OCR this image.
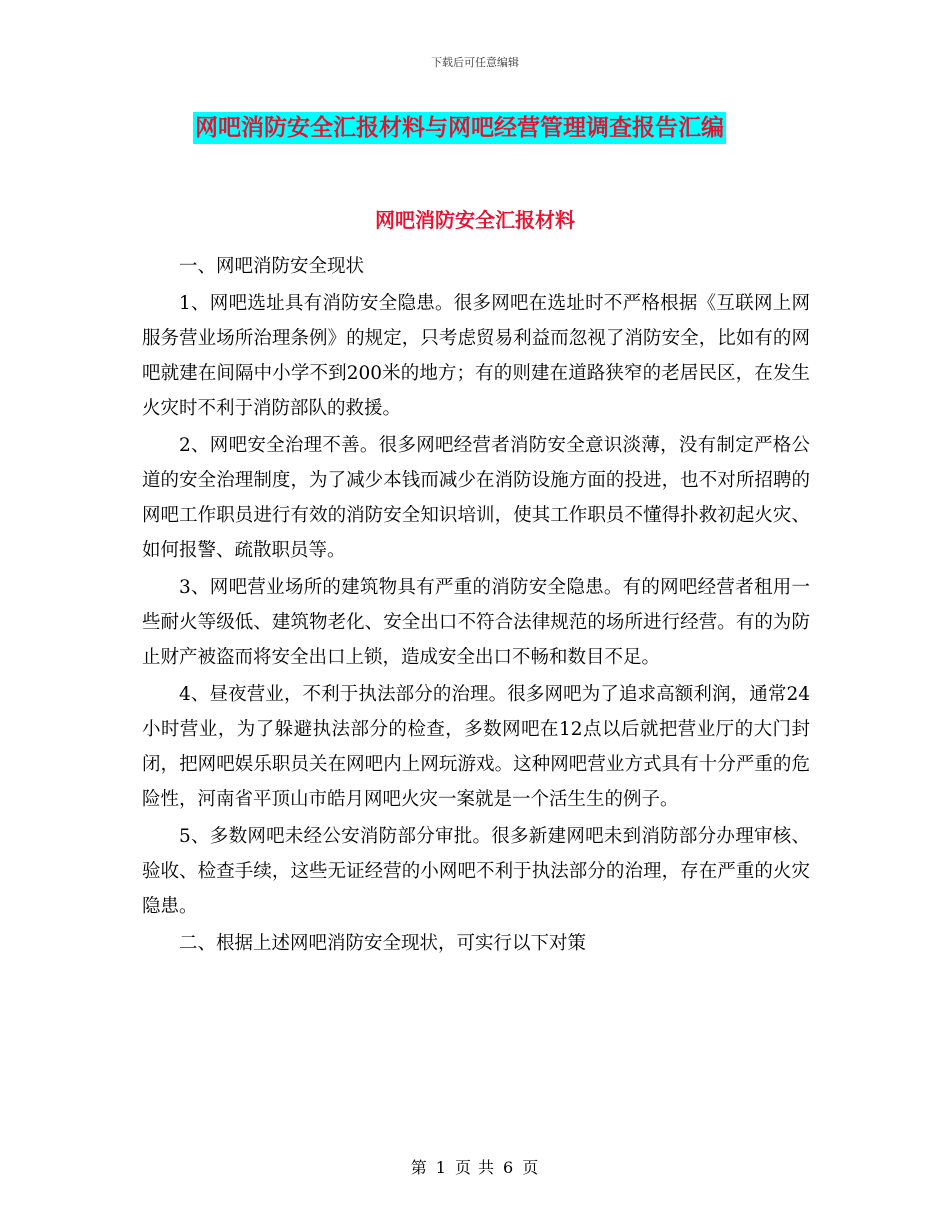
下载后可任意编辑
网吧消防安全汇报材料与网吧经营管理调查报告汇编
网吧消防安全汇报材料

一、网吧消防安全现状

1、网吧选址具有消防安全隐患。很多网吧在选址时不严格根据《互联网上网服务营业场所治理条例》的规定，只考虑贸易利益而忽视了消防安全，比如有的网吧就建在间隔中小学不到200米的地方；有的则建在道路狭窄的老居民区，在发生火灾时不利于消防部队的救援。

2、网吧安全治理不善。很多网吧经营者消防安全意识淡薄，没有制定严格公道的安全治理制度，为了减少本钱而减少在消防设施方面的投进，也不对所招聘的网吧工作职员进行有效的消防安全知识培训，使其工作职员不懂得扑救初起火灾、如何报警、疏散职员等。

3、网吧营业场所的建筑物具有严重的消防安全隐患。有的网吧经营者租用一些耐火等级低、建筑物老化、安全出口不符合法律规范的场所进行经营。有的为防止财产被盗而将安全出口上锁，造成安全出口不畅和数目不足。

4、昼夜营业，不利于执法部分的治理。很多网吧为了追求高额利润，通常24小时营业，为了躲避执法部分的检查，多数网吧在12点以后就把营业厅的大门封闭，把网吧娱乐职员关在网吧内上网玩游戏。这种网吧营业方式具有十分严重的危险性，河南省平顶山市皓月网吧火灾一案就是一个活生生的例子。

5、多数网吧未经公安消防部分审批。很多新建网吧未到消防部分办理审核、验收、检查手续，这些无证经营的小网吧不利于执法部分的治理，存在严重的火灾隐患。

二、根据上述网吧消防安全现状，可实行以下对策

第 1 页 共 6 页
